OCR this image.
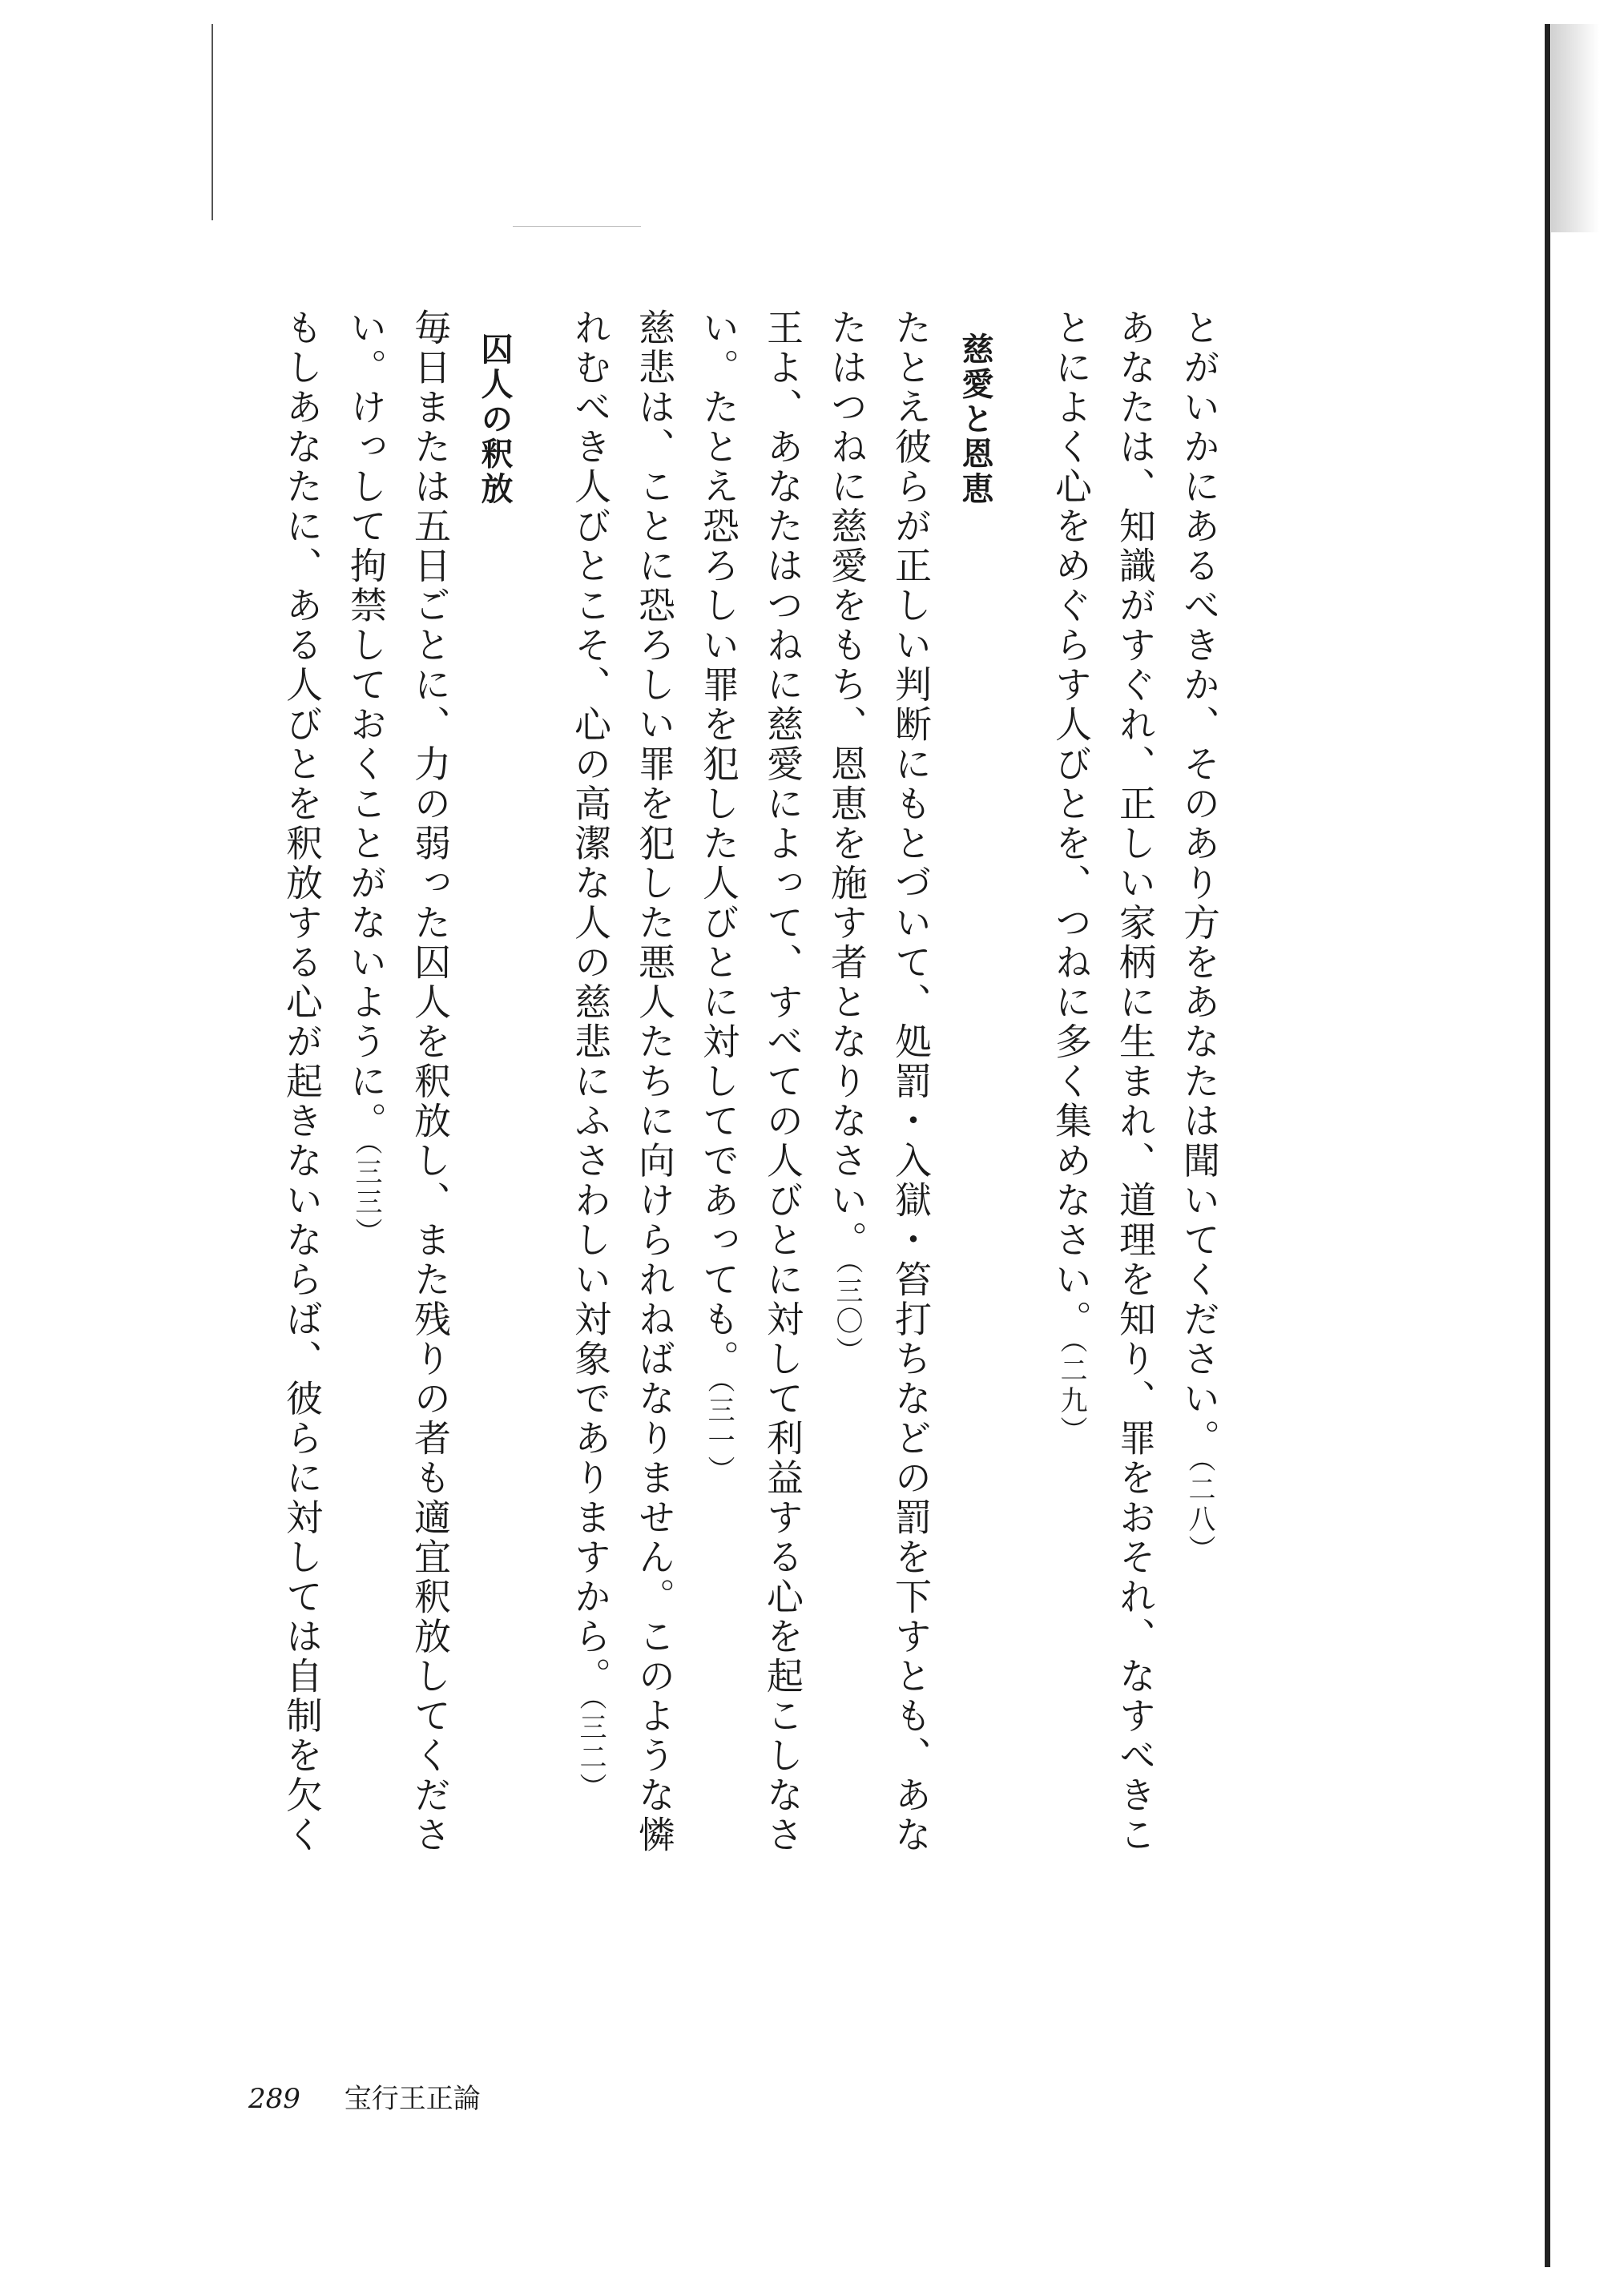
とがいかにあるべきか、そのあり方をあなたは聞いてください。（二八）
あなたは、知識がすぐれ、正しい家柄に生まれ、道理を知り、罪をおそれ、なすべきこ
とによく心をめぐらす人びとを、つねに多く集めなさい。（二九）
慈愛と恩恵
たとえ彼らが正しい判断にもとづいて、処罰・入獄・笞打ちなどの罰を下すとも、あな
たはつねに慈愛をもち、恩恵を施す者となりなさい。（三〇）
王よ、あなたはつねに慈愛によって、すべての人びとに対して利益する心を起こしなさ
い。たとえ恐ろしい罪を犯した人びとに対してであっても。（三一）
慈悲は、ことに恐ろしい罪を犯した悪人たちに向けられねばなりません。このような憐
れむべき人びとこそ、心の高潔な人の慈悲にふさわしい対象でありますから。（三二）
囚人の釈放
毎日または五日ごとに、力の弱った囚人を釈放し、また残りの者も適宜釈放してくださ
い。けっして拘禁しておくことがないように。（三三）
もしあなたに、ある人びとを釈放する心が起きないならば、彼らに対しては自制を欠く
289 宝行王正論
